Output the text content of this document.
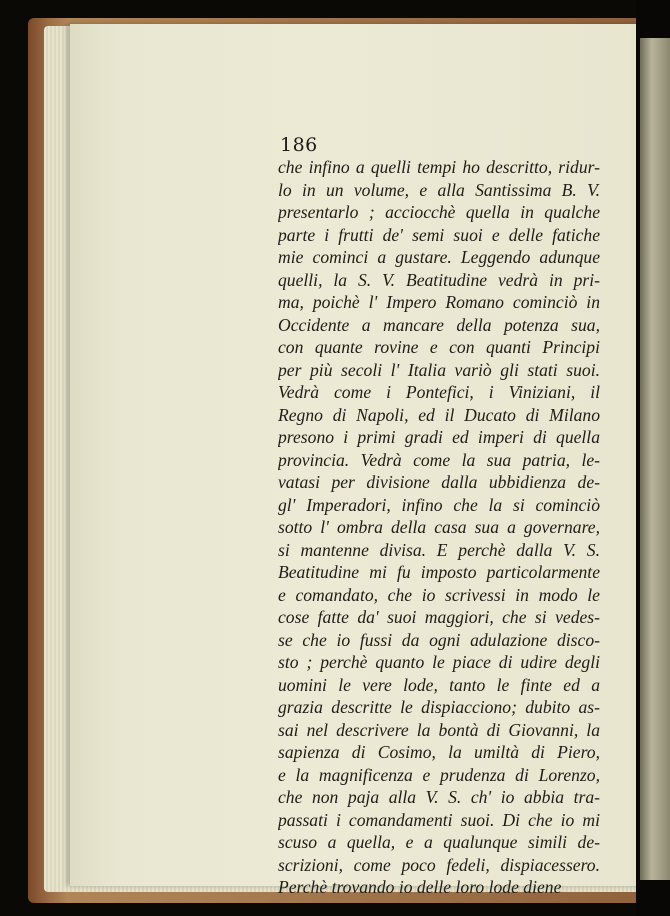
186
che infino a quelli tempi ho descritto, ridur-
lo in un volume, e alla Santissima B. V.
presentarlo ; acciocchè quella in qualche
parte i frutti de' semi suoi e delle fatiche
mie cominci a gustare. Leggendo adunque
quelli, la S. V. Beatitudine vedrà in pri-
ma, poichè l' Impero Romano cominciò in
Occidente a mancare della potenza sua,
con quante rovine e con quanti Principi
per più secoli l' Italia variò gli stati suoi.
Vedrà come i Pontefici, i Viniziani, il
Regno di Napoli, ed il Ducato di Milano
presono i primi gradi ed imperi di quella
provincia. Vedrà come la sua patria, le-
vatasi per divisione dalla ubbidienza de-
gl' Imperadori, infino che la si cominciò
sotto l' ombra della casa sua a governare,
si mantenne divisa. E perchè dalla V. S.
Beatitudine mi fu imposto particolarmente
e comandato, che io scrivessi in modo le
cose fatte da' suoi maggiori, che si vedes-
se che io fussi da ogni adulazione disco-
sto ; perchè quanto le piace di udire degli
uomini le vere lode, tanto le finte ed a
grazia descritte le dispiacciono; dubito as-
sai nel descrivere la bontà di Giovanni, la
sapienza di Cosimo, la umiltà di Piero,
e la magnificenza e prudenza di Lorenzo,
che non paja alla V. S. ch' io abbia tra-
passati i comandamenti suoi. Di che io mi
scuso a quella, e a qualunque simili de-
scrizioni, come poco fedeli, dispiacessero.
Perchè trovando io delle loro lode diene
